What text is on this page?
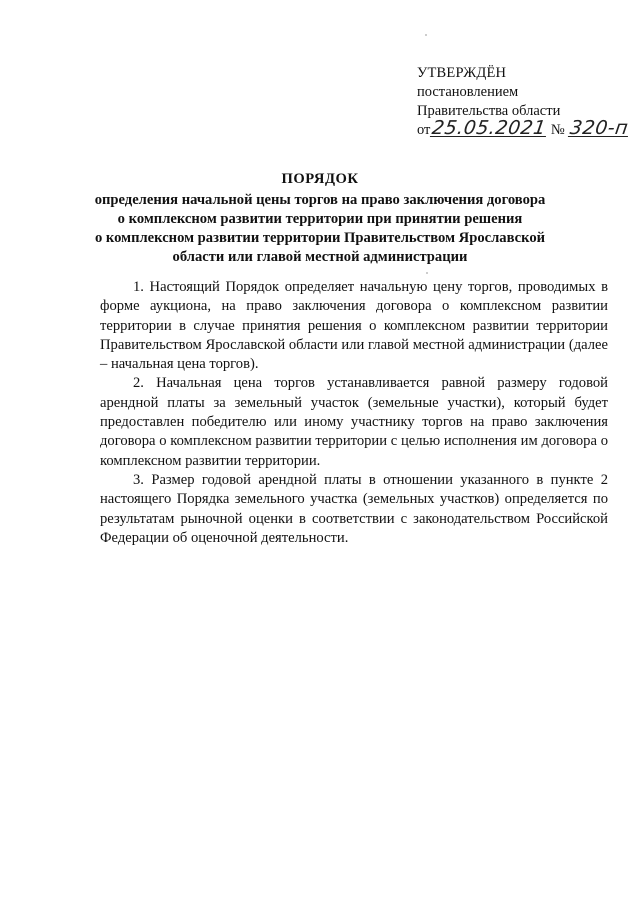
УТВЕРЖДЁН
постановлением
Правительства области
от25.05.2021 № 320-п
ПОРЯДОК
определения начальной цены торгов на право заключения договора
о комплексном развитии территории при принятии решения
о комплексном развитии территории Правительством Ярославской
области или главой местной администрации

1. Настоящий Порядок определяет начальную цену торгов, проводимых в форме аукциона, на право заключения договора о комплексном развитии территории в случае принятия решения о комплексном развитии территории Правительством Ярославской области или главой местной администрации (далее – начальная цена торгов).

2. Начальная цена торгов устанавливается равной размеру годовой арендной платы за земельный участок (земельные участки), который будет предоставлен победителю или иному участнику торгов на право заключения договора о комплексном развитии территории с целью исполнения им договора о комплексном развитии территории.

3. Размер годовой арендной платы в отношении указанного в пункте 2 настоящего Порядка земельного участка (земельных участков) определяется по результатам рыночной оценки в соответствии с законодательством Российской Федерации об оценочной деятельности.
